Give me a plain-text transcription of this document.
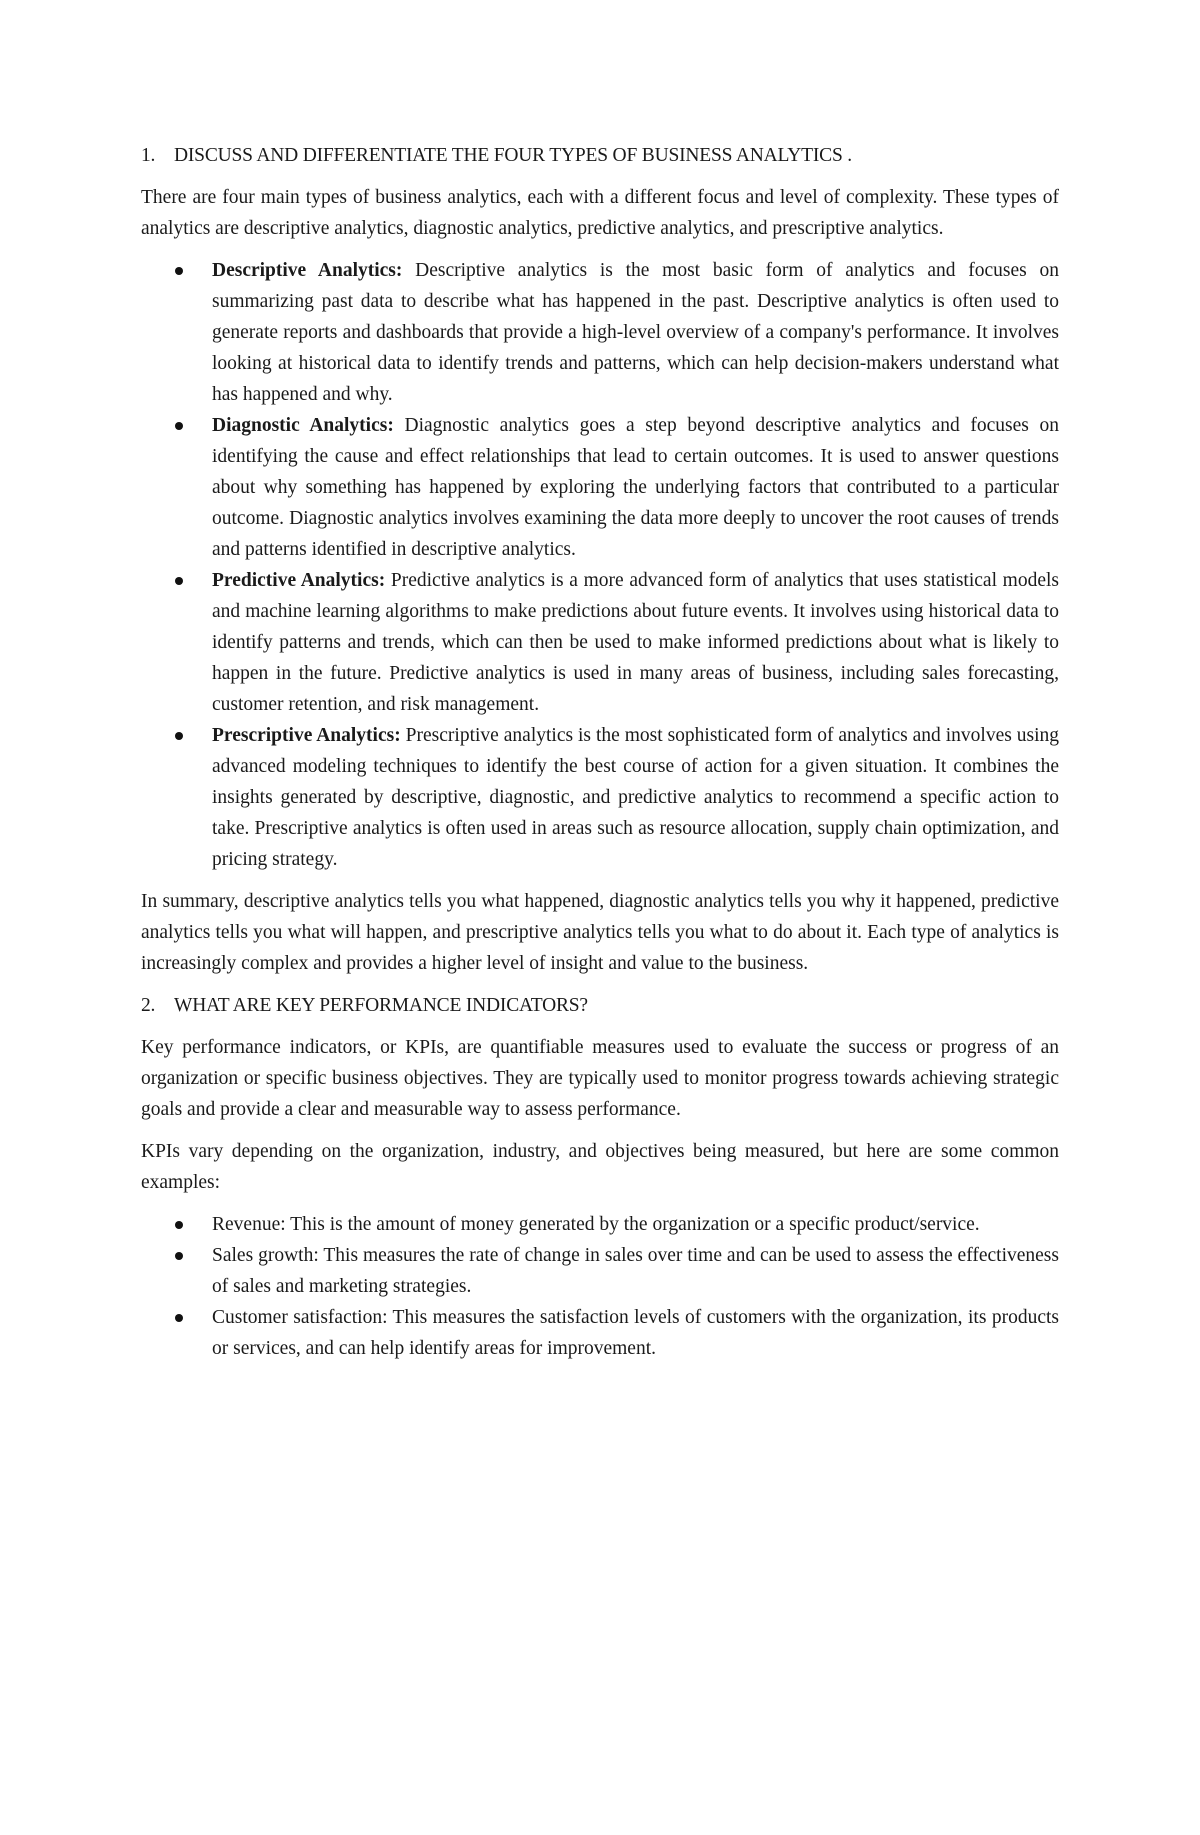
1. DISCUSS AND DIFFERENTIATE THE FOUR TYPES OF BUSINESS ANALYTICS .

There are four main types of business analytics, each with a different focus and level of complexity. These types of analytics are descriptive analytics, diagnostic analytics, predictive analytics, and prescriptive analytics.

Descriptive Analytics: Descriptive analytics is the most basic form of analytics and focuses on summarizing past data to describe what has happened in the past. Descriptive analytics is often used to generate reports and dashboards that provide a high-level overview of a company's performance. It involves looking at historical data to identify trends and patterns, which can help decision-makers understand what has happened and why.
Diagnostic Analytics: Diagnostic analytics goes a step beyond descriptive analytics and focuses on identifying the cause and effect relationships that lead to certain outcomes. It is used to answer questions about why something has happened by exploring the underlying factors that contributed to a particular outcome. Diagnostic analytics involves examining the data more deeply to uncover the root causes of trends and patterns identified in descriptive analytics.
Predictive Analytics: Predictive analytics is a more advanced form of analytics that uses statistical models and machine learning algorithms to make predictions about future events. It involves using historical data to identify patterns and trends, which can then be used to make informed predictions about what is likely to happen in the future. Predictive analytics is used in many areas of business, including sales forecasting, customer retention, and risk management.
Prescriptive Analytics: Prescriptive analytics is the most sophisticated form of analytics and involves using advanced modeling techniques to identify the best course of action for a given situation. It combines the insights generated by descriptive, diagnostic, and predictive analytics to recommend a specific action to take. Prescriptive analytics is often used in areas such as resource allocation, supply chain optimization, and pricing strategy.

In summary, descriptive analytics tells you what happened, diagnostic analytics tells you why it happened, predictive analytics tells you what will happen, and prescriptive analytics tells you what to do about it. Each type of analytics is increasingly complex and provides a higher level of insight and value to the business.

2. WHAT ARE KEY PERFORMANCE INDICATORS?

Key performance indicators, or KPIs, are quantifiable measures used to evaluate the success or progress of an organization or specific business objectives. They are typically used to monitor progress towards achieving strategic goals and provide a clear and measurable way to assess performance.

KPIs vary depending on the organization, industry, and objectives being measured, but here are some common examples:

Revenue: This is the amount of money generated by the organization or a specific product/service.
Sales growth: This measures the rate of change in sales over time and can be used to assess the effectiveness of sales and marketing strategies.
Customer satisfaction: This measures the satisfaction levels of customers with the organization, its products or services, and can help identify areas for improvement.
